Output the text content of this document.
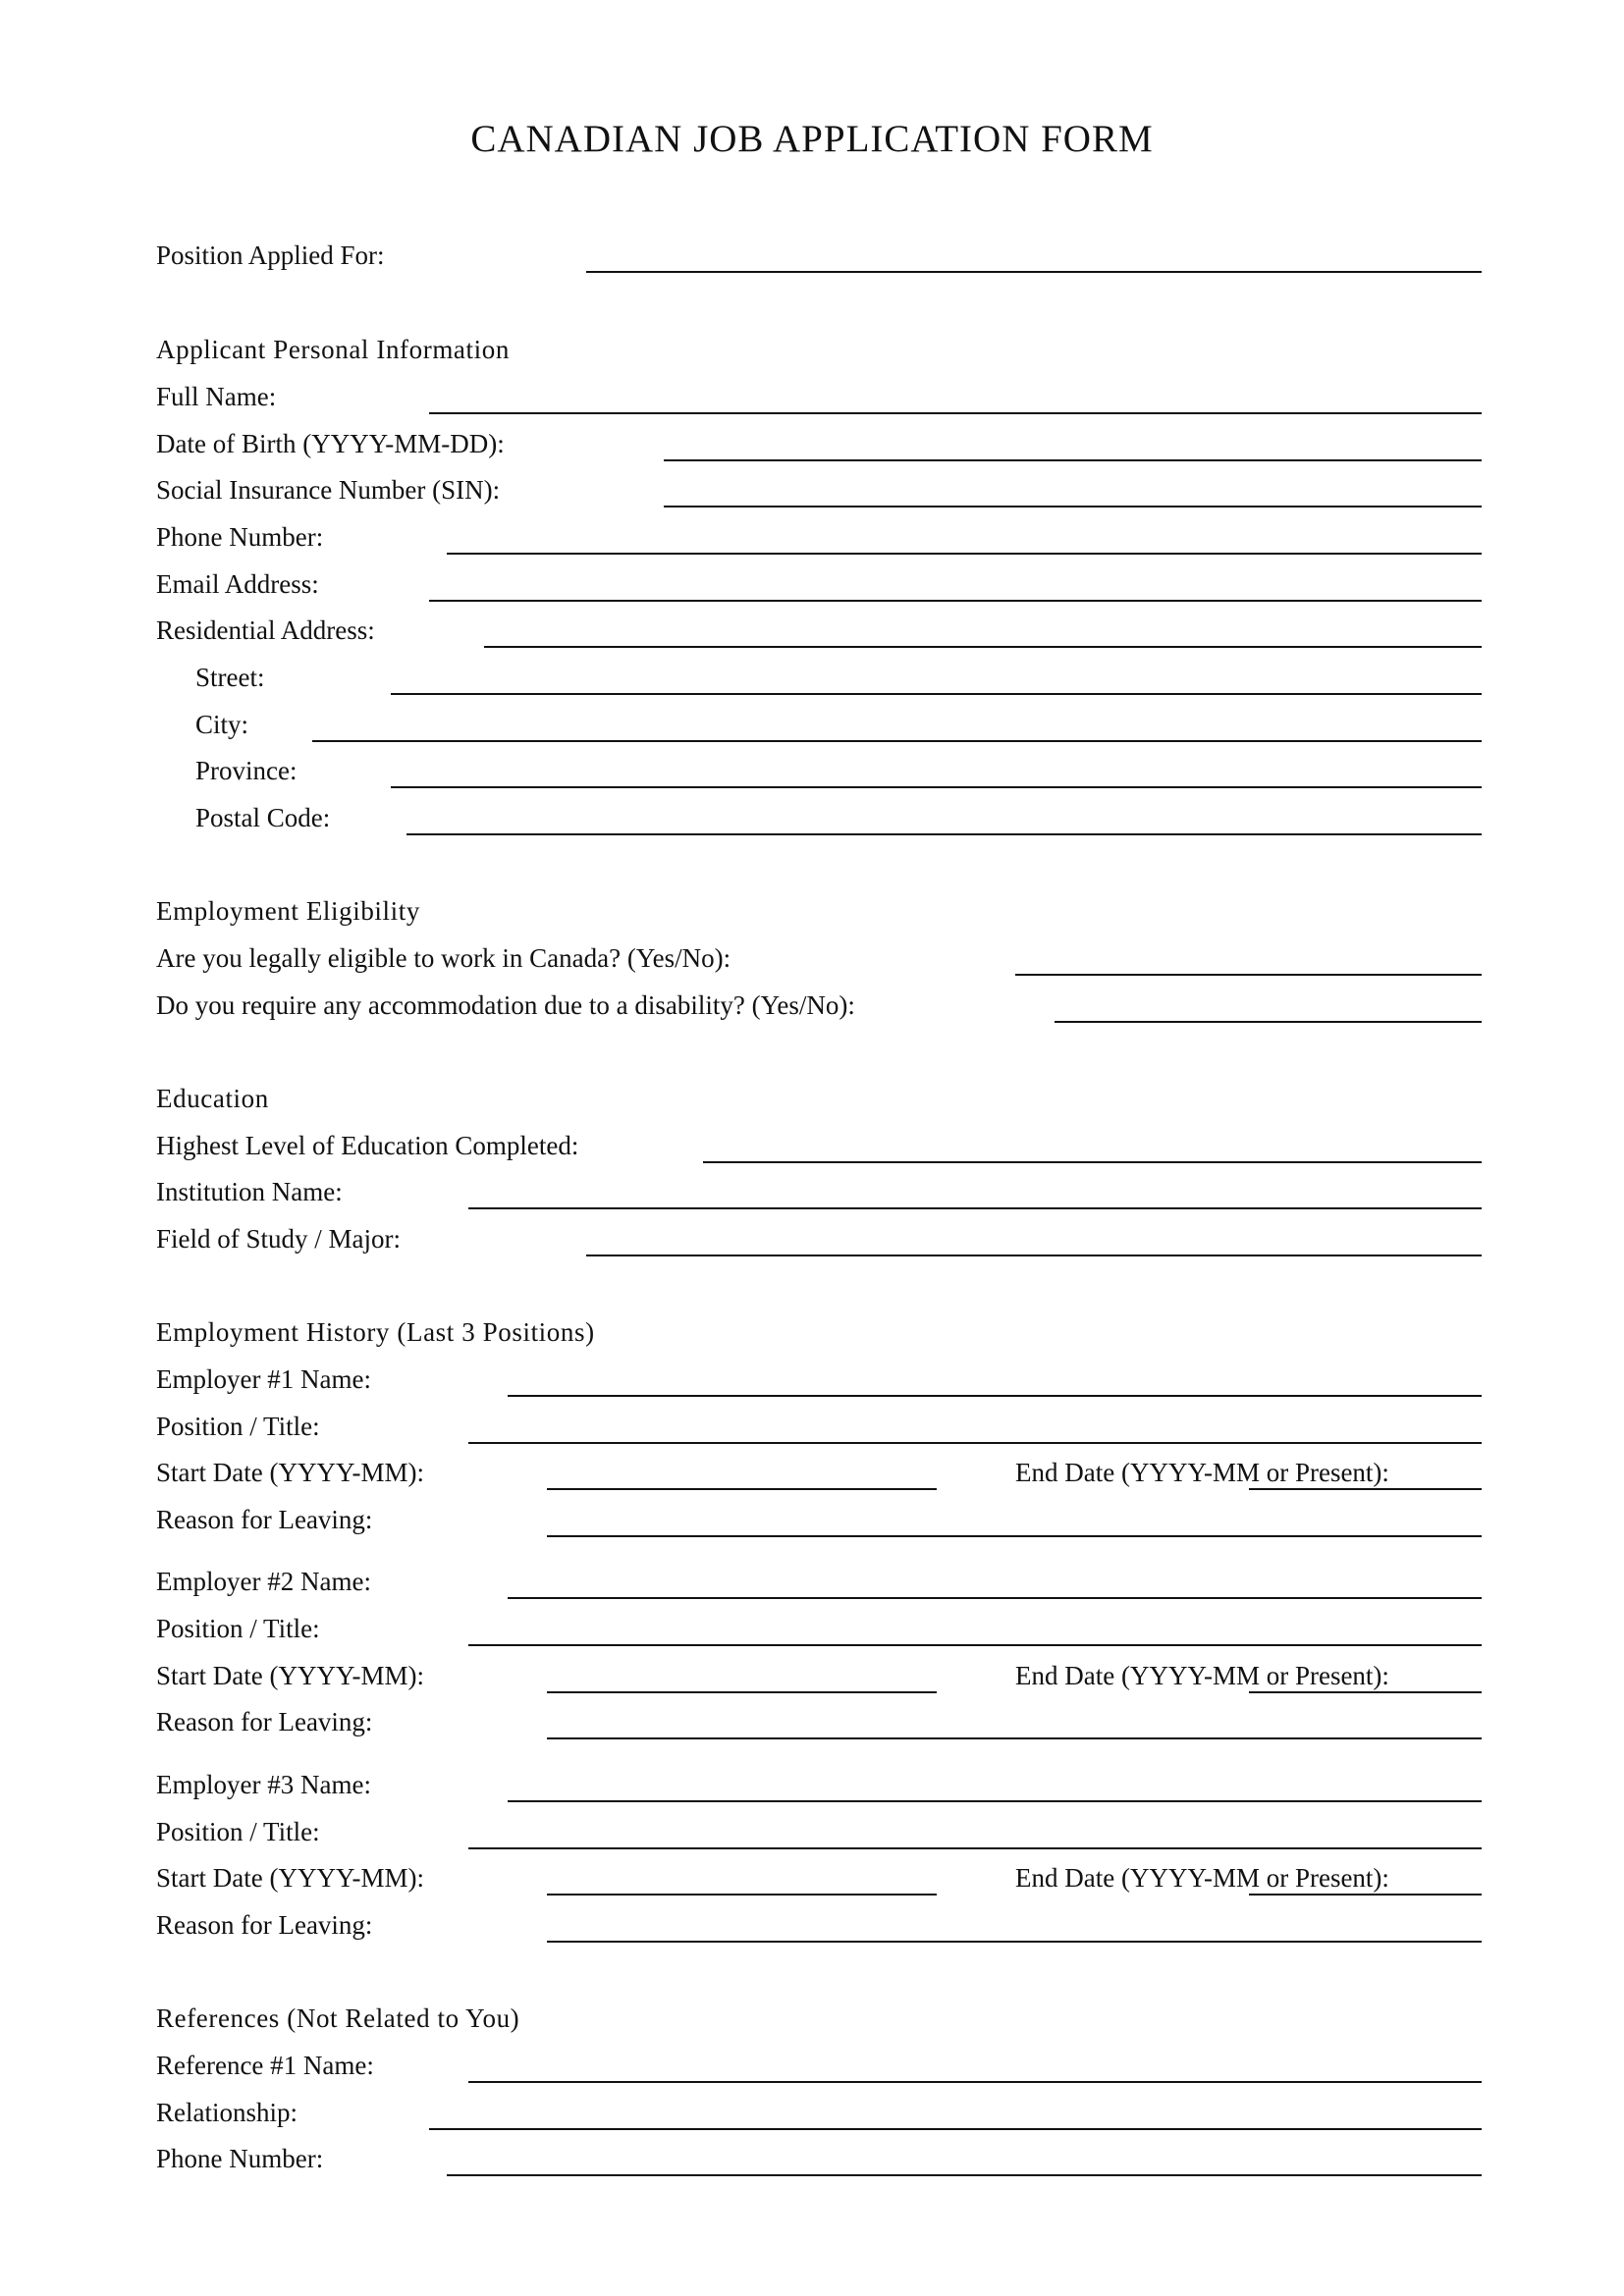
CANADIAN JOB APPLICATION FORM
Position Applied For:
Applicant Personal Information
Full Name:
Date of Birth (YYYY-MM-DD):
Social Insurance Number (SIN):
Phone Number:
Email Address:
Residential Address:
Street:
City:
Province:
Postal Code:
Employment Eligibility
Are you legally eligible to work in Canada? (Yes/No):
Do you require any accommodation due to a disability? (Yes/No):
Education
Highest Level of Education Completed:
Institution Name:
Field of Study / Major:
Employment History (Last 3 Positions)
Employer #1 Name:
Position / Title:
Start Date (YYYY-MM):	End Date (YYYY-MM or Present):
Reason for Leaving:
Employer #2 Name:
Position / Title:
Start Date (YYYY-MM):	End Date (YYYY-MM or Present):
Reason for Leaving:
Employer #3 Name:
Position / Title:
Start Date (YYYY-MM):	End Date (YYYY-MM or Present):
Reason for Leaving:
References (Not Related to You)
Reference #1 Name:
Relationship:
Phone Number:
